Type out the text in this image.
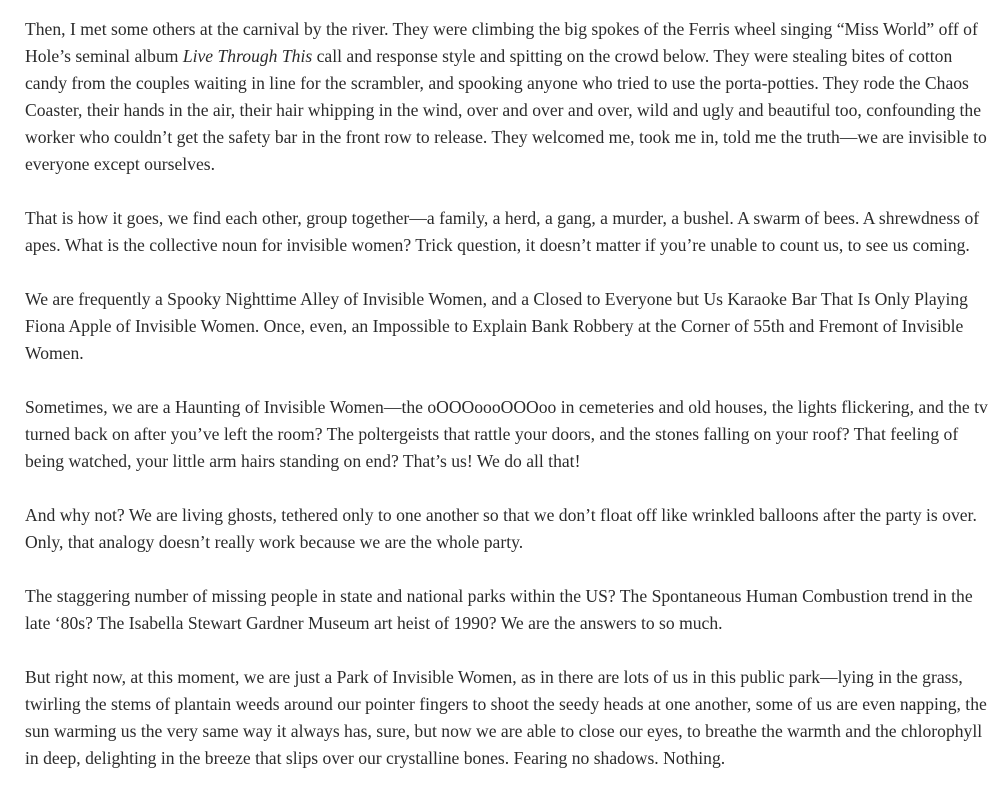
Then, I met some others at the carnival by the river. They were climbing the big spokes of the Ferris wheel singing “Miss World” off of Hole’s seminal album Live Through This call and response style and spitting on the crowd below. They were stealing bites of cotton candy from the couples waiting in line for the scrambler, and spooking anyone who tried to use the porta-potties. They rode the Chaos Coaster, their hands in the air, their hair whipping in the wind, over and over and over, wild and ugly and beautiful too, confounding the worker who couldn’t get the safety bar in the front row to release. They welcomed me, took me in, told me the truth—we are invisible to everyone except ourselves.

That is how it goes, we find each other, group together—a family, a herd, a gang, a murder, a bushel. A swarm of bees. A shrewdness of apes. What is the collective noun for invisible women? Trick question, it doesn’t matter if you’re unable to count us, to see us coming.

We are frequently a Spooky Nighttime Alley of Invisible Women, and a Closed to Everyone but Us Karaoke Bar That Is Only Playing Fiona Apple of Invisible Women. Once, even, an Impossible to Explain Bank Robbery at the Corner of 55th and Fremont of Invisible Women.

Sometimes, we are a Haunting of Invisible Women—the oOOOoooOOOoo in cemeteries and old houses, the lights flickering, and the tv turned back on after you’ve left the room? The poltergeists that rattle your doors, and the stones falling on your roof? That feeling of being watched, your little arm hairs standing on end? That’s us! We do all that!

And why not? We are living ghosts, tethered only to one another so that we don’t float off like wrinkled balloons after the party is over. Only, that analogy doesn’t really work because we are the whole party.

The staggering number of missing people in state and national parks within the US? The Spontaneous Human Combustion trend in the late ‘80s? The Isabella Stewart Gardner Museum art heist of 1990? We are the answers to so much.

But right now, at this moment, we are just a Park of Invisible Women, as in there are lots of us in this public park—lying in the grass, twirling the stems of plantain weeds around our pointer fingers to shoot the seedy heads at one another, some of us are even napping, the sun warming us the very same way it always has, sure, but now we are able to close our eyes, to breathe the warmth and the chlorophyll in deep, delighting in the breeze that slips over our crystalline bones. Fearing no shadows. Nothing.
